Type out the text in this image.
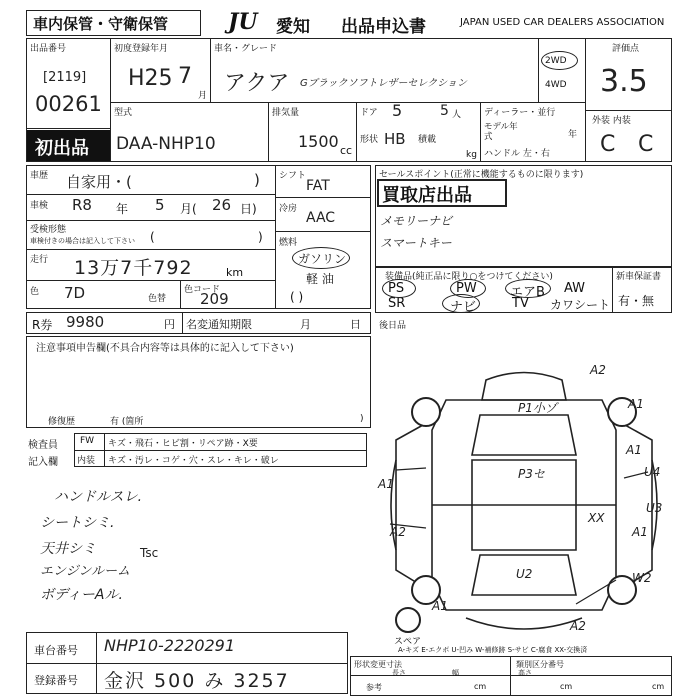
車内保管・守衛保管	JU	愛知 出品申込書	JAPAN USED CAR DEALERS ASSOCIATION
出品番号
[2119]
00261
初出品
初度登録年月
H25 7
月
車名・グレード
アクア Gブラックソフトレザーセレクション
2WD
4WD
評価点
3.5
外装 内装
C C
型式
DAA-NHP10
排気量
1500 cc
ドア 5	5 人
形状 HB 積載
kg
ディーラー・並行
モデル年式	年
ハンドル 左・右
車歴 自家用・(	)
車検 R8 年 5 月( 26 日)
受検形態
車検付きの場合は記入して下さい (	)
走行 13万7千792	km
色 7D	色替
色コード
209
シフト
FAT
冷房
AAC
燃料
ガソリン
軽 油
( )
セールスポイント(正常に機能するものに限ります)
買取店出品
メモリーナビ
スマートキー
装備品(純正品に限り○をつけてください)	新車保証書
有・無
PS	PW	エアB AW
SR	ナビ	TV カワシート
R券 9980	円 名変通知期限	月	日 後日品
注意事項申告欄(不具合内容等は具体的に記入して下さい)
修復歴	有 (箇所	)
検査員
記入欄
FW キズ・飛石・ヒビ割・リペア跡・X要
内装 キズ・汚レ・コゲ・穴・スレ・キレ・破レ
ハンドルスレ.
シートシミ.
天井シミ
エンジンルーム
ボディーAル.
Tsc
スペア
A2
A1
P1小ゾ
A1
U4
A1
A1
A2
P3セ
XX
U2
A1
W2
A2
U3
A-キズ E-エクボ U-凹み W-補修跡 S-サビ C-腐食 XX-交換済
車台番号 NHP10-2220291
登録番号 金沢 500 み 3257
形状変更寸法	類別区分番号
長さ	幅	高さ
参考	cm	cm	cm
